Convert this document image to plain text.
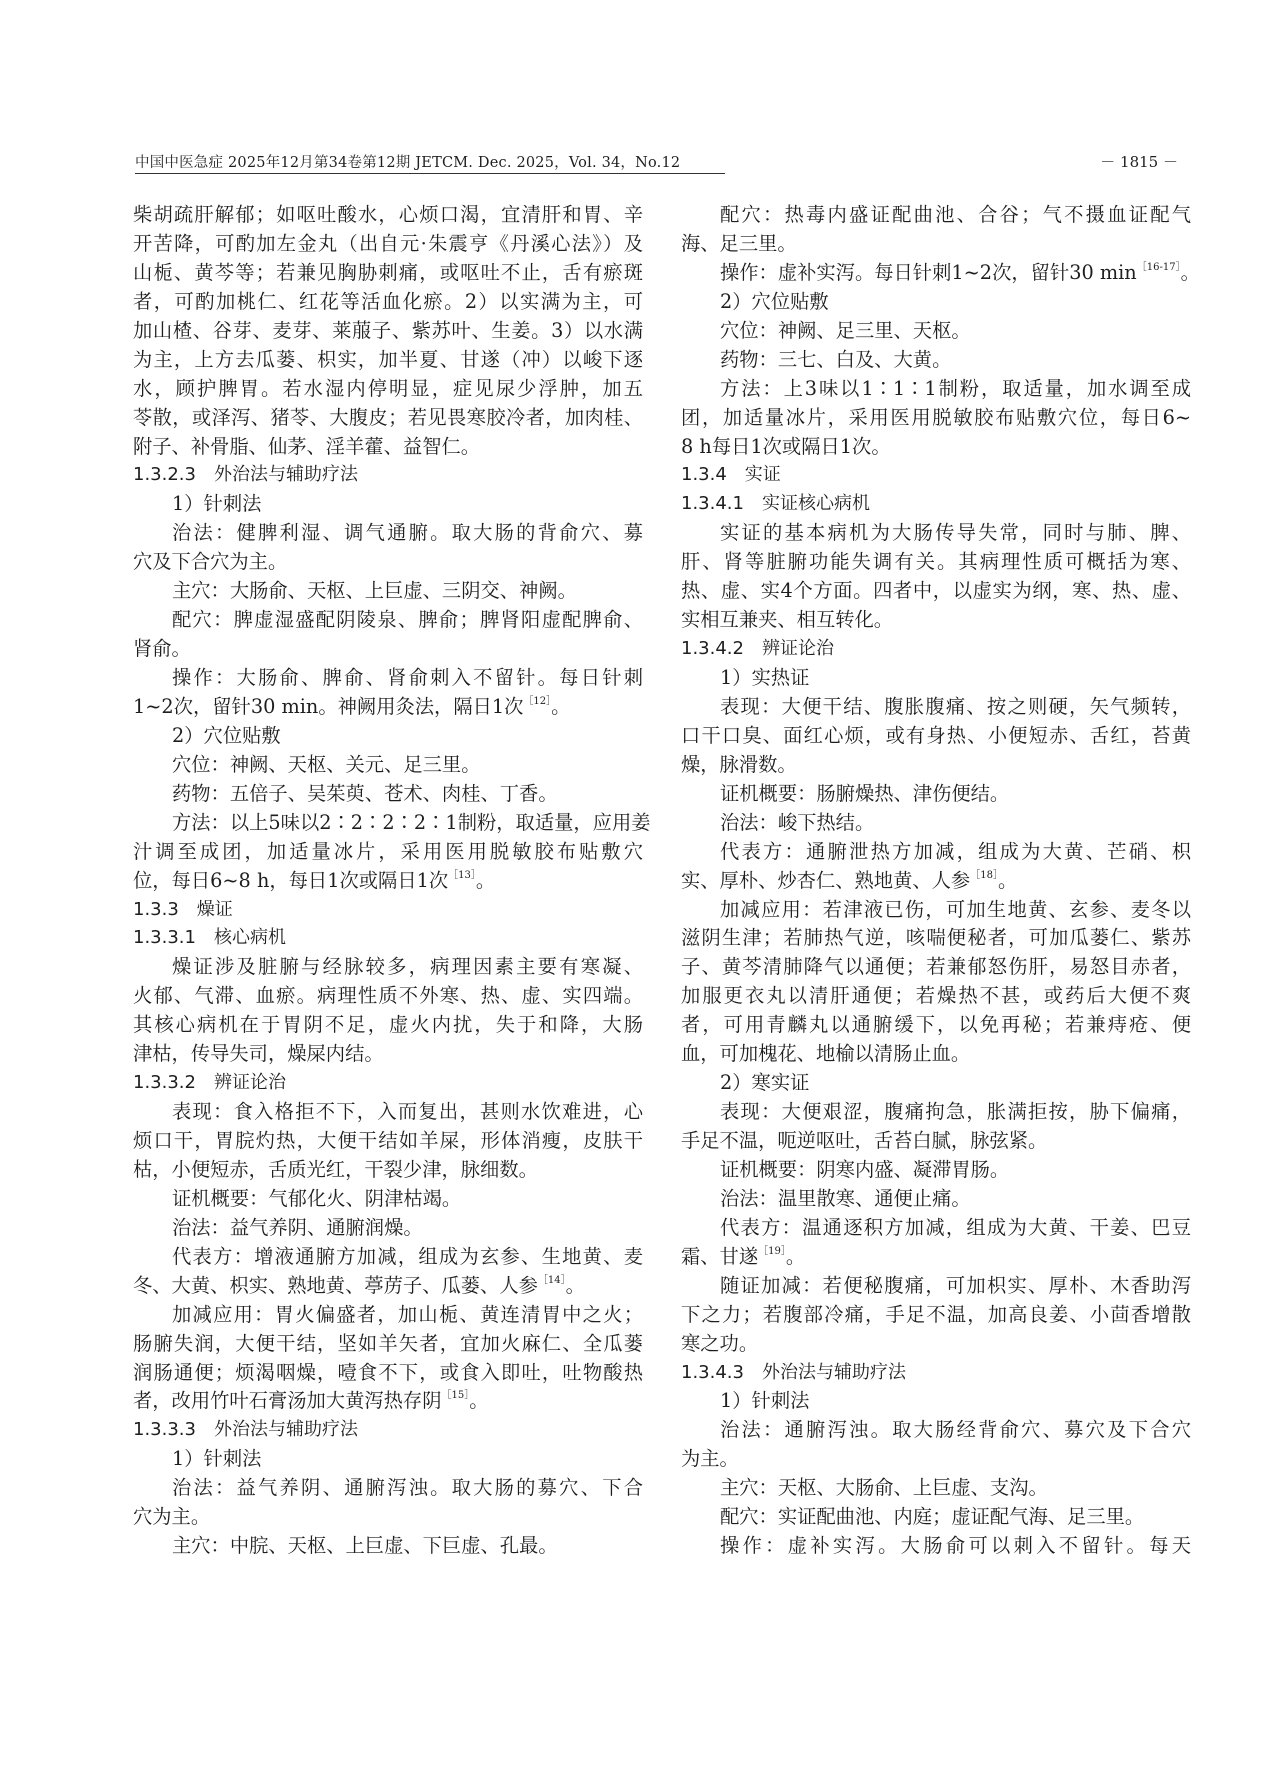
中国中医急症 2025年12月第34卷第12期 JETCM. Dec. 2025，Vol. 34，No.12	－ 1815 －
柴胡疏肝解郁；如呕吐酸水，心烦口渴，宜清肝和胃、辛
开苦降，可酌加左金丸（出自元·朱震亨《丹溪心法》）及
山栀、黄芩等；若兼见胸胁刺痛，或呕吐不止，舌有瘀斑
者，可酌加桃仁、红花等活血化瘀。2）以实满为主，可
加山楂、谷芽、麦芽、莱菔子、紫苏叶、生姜。3）以水满
为主，上方去瓜蒌、枳实，加半夏、甘遂（冲）以峻下逐
水，顾护脾胃。若水湿内停明显，症见尿少浮肿，加五
苓散，或泽泻、猪苓、大腹皮；若见畏寒胶冷者，加肉桂、
附子、补骨脂、仙茅、淫羊藿、益智仁。
1.3.2.3　外治法与辅助疗法
1）针刺法
治法：健脾利湿、调气通腑。取大肠的背俞穴、募
穴及下合穴为主。
主穴：大肠俞、天枢、上巨虚、三阴交、神阙。
配穴：脾虚湿盛配阴陵泉、脾俞；脾肾阳虚配脾俞、
肾俞。
操作：大肠俞、脾俞、肾俞刺入不留针。每日针刺
1~2次，留针30 min。神阙用灸法，隔日1次$^{[12]}$。
2）穴位贴敷
穴位：神阙、天枢、关元、足三里。
药物：五倍子、吴茱萸、苍术、肉桂、丁香。
方法：以上5味以2∶2∶2∶2∶1制粉，取适量，应用姜
汁调至成团，加适量冰片，采用医用脱敏胶布贴敷穴
位，每日6~8 h，每日1次或隔日1次$^{[13]}$。
1.3.3　燥证
1.3.3.1　核心病机
燥证涉及脏腑与经脉较多，病理因素主要有寒凝、
火郁、气滞、血瘀。病理性质不外寒、热、虚、实四端。
其核心病机在于胃阴不足，虚火内扰，失于和降，大肠
津枯，传导失司，燥屎内结。
1.3.3.2　辨证论治
表现：食入格拒不下，入而复出，甚则水饮难进，心
烦口干，胃脘灼热，大便干结如羊屎，形体消瘦，皮肤干
枯，小便短赤，舌质光红，干裂少津，脉细数。
证机概要：气郁化火、阴津枯竭。
治法：益气养阴、通腑润燥。
代表方：增液通腑方加减，组成为玄参、生地黄、麦
冬、大黄、枳实、熟地黄、葶苈子、瓜蒌、人参$^{[14]}$。
加减应用：胃火偏盛者，加山栀、黄连清胃中之火；
肠腑失润，大便干结，坚如羊矢者，宜加火麻仁、全瓜蒌
润肠通便；烦渴咽燥，噎食不下，或食入即吐，吐物酸热
者，改用竹叶石膏汤加大黄泻热存阴$^{[15]}$。
1.3.3.3　外治法与辅助疗法
1）针刺法
治法：益气养阴、通腑泻浊。取大肠的募穴、下合
穴为主。
主穴：中脘、天枢、上巨虚、下巨虚、孔最。
配穴：热毒内盛证配曲池、合谷；气不摄血证配气
海、足三里。
操作：虚补实泻。每日针刺1~2次，留针30 $\min^{[16-17]}$。
2）穴位贴敷
穴位：神阙、足三里、天枢。
药物：三七、白及、大黄。
方法：上3味以1∶1∶1制粉，取适量，加水调至成
团，加适量冰片，采用医用脱敏胶布贴敷穴位，每日6~
8 h每日1次或隔日1次。
1.3.4　实证
1.3.4.1　实证核心病机
实证的基本病机为大肠传导失常，同时与肺、脾、
肝、肾等脏腑功能失调有关。其病理性质可概括为寒、
热、虚、实4个方面。四者中，以虚实为纲，寒、热、虚、
实相互兼夹、相互转化。
1.3.4.2　辨证论治
1）实热证
表现：大便干结、腹胀腹痛、按之则硬，矢气频转，
口干口臭、面红心烦，或有身热、小便短赤、舌红，苔黄
燥，脉滑数。
证机概要：肠腑燥热、津伤便结。
治法：峻下热结。
代表方：通腑泄热方加减，组成为大黄、芒硝、枳
实、厚朴、炒杏仁、熟地黄、人参$^{[18]}$。
加减应用：若津液已伤，可加生地黄、玄参、麦冬以
滋阴生津；若肺热气逆，咳喘便秘者，可加瓜蒌仁、紫苏
子、黄芩清肺降气以通便；若兼郁怒伤肝，易怒目赤者，
加服更衣丸以清肝通便；若燥热不甚，或药后大便不爽
者，可用青麟丸以通腑缓下，以免再秘；若兼痔疮、便
血，可加槐花、地榆以清肠止血。
2）寒实证
表现：大便艰涩，腹痛拘急，胀满拒按，胁下偏痛，
手足不温，呃逆呕吐，舌苔白腻，脉弦紧。
证机概要：阴寒内盛、凝滞胃肠。
治法：温里散寒、通便止痛。
代表方：温通逐积方加减，组成为大黄、干姜、巴豆
霜、甘遂$^{[19]}$。
随证加减：若便秘腹痛，可加枳实、厚朴、木香助泻
下之力；若腹部冷痛，手足不温，加高良姜、小茴香增散
寒之功。
1.3.4.3　外治法与辅助疗法
1）针刺法
治法：通腑泻浊。取大肠经背俞穴、募穴及下合穴
为主。
主穴：天枢、大肠俞、上巨虚、支沟。
配穴：实证配曲池、内庭；虚证配气海、足三里。
操作：虚补实泻。大肠俞可以刺入不留针。每天
